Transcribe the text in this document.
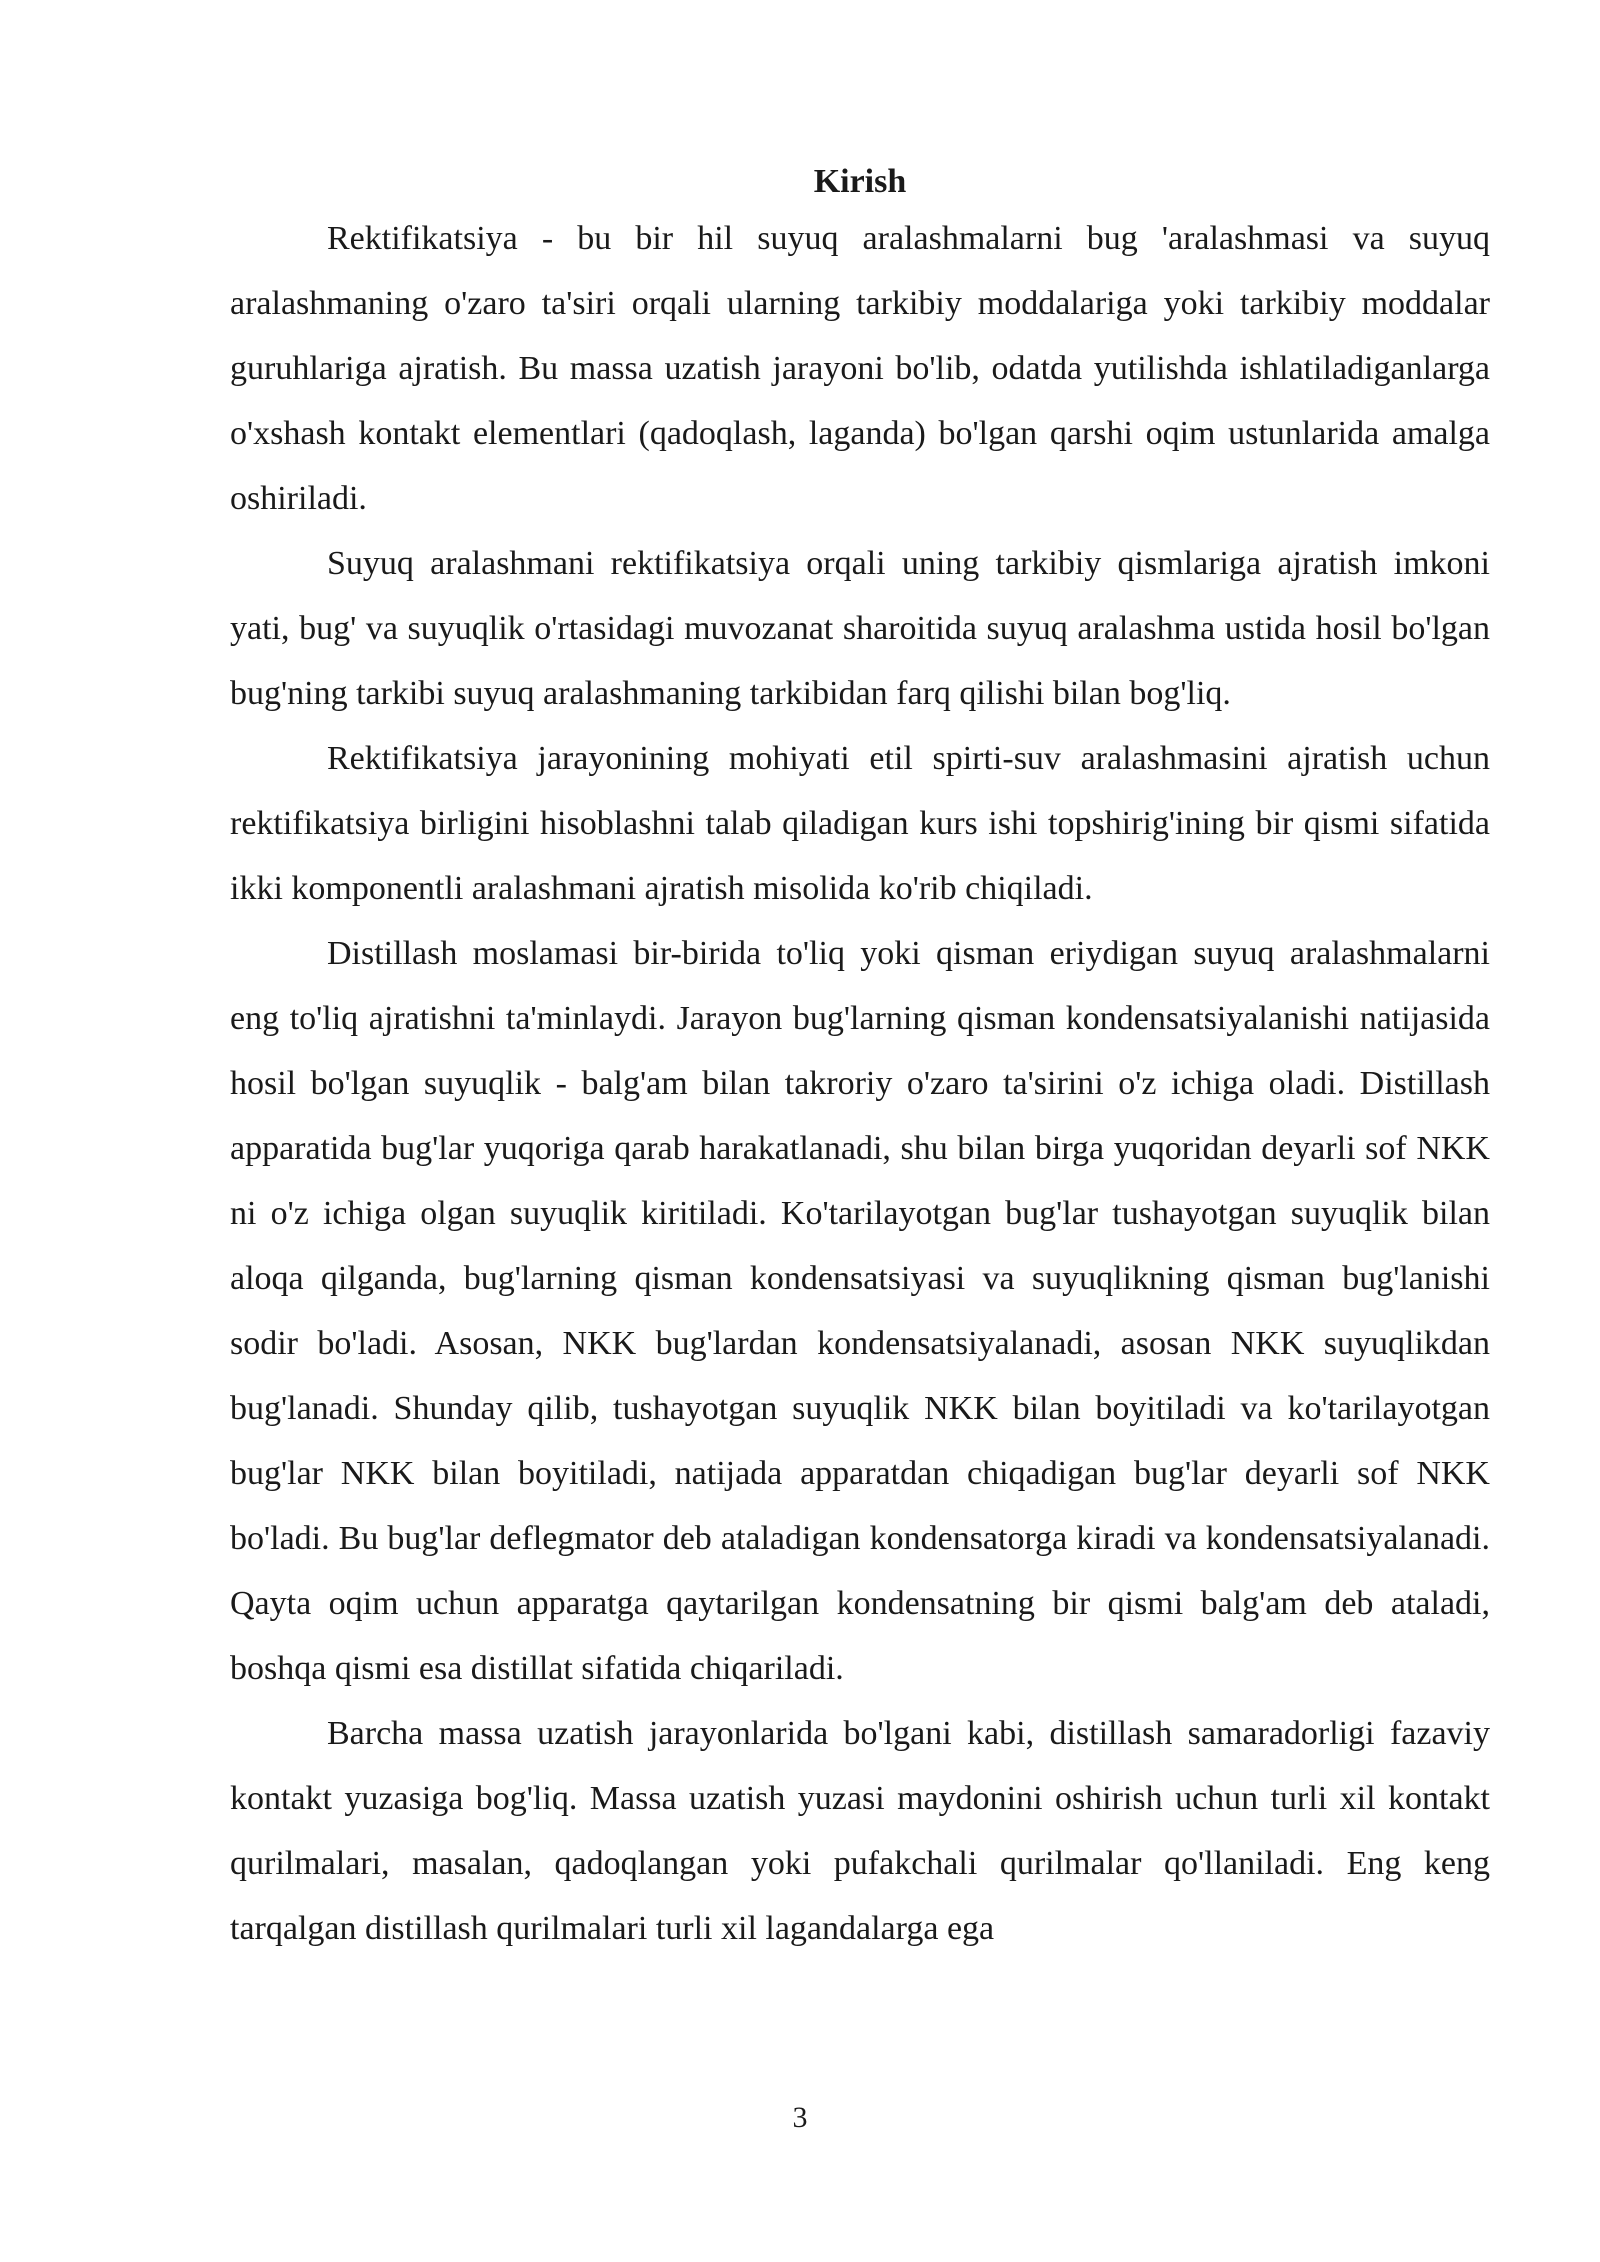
Kirish

Rektifikatsiya - bu bir hil suyuq aralashmalarni bug 'aralashmasi va suyuq aralashmaning o'zaro ta'siri orqali ularning tarkibiy moddalariga yoki tarkibiy moddalar guruhlariga ajratish. Bu massa uzatish jarayoni bo'lib, odatda yutilishda ishlatiladiganlarga o'xshash kontakt elementlari (qadoqlash, laganda) bo'lgan qarshi oqim ustunlarida amalga oshiriladi.

Suyuq aralashmani rektifikatsiya orqali uning tarkibiy qismlariga ajratish imkoni yati, bug' va suyuqlik o'rtasidagi muvozanat sharoitida suyuq aralashma ustida hosil bo'lgan bug'ning tarkibi suyuq aralashmaning tarkibidan farq qilishi bilan bog'liq.

Rektifikatsiya jarayonining mohiyati etil spirti-suv aralashmasini ajratish uchun rektifikatsiya birligini hisoblashni talab qiladigan kurs ishi topshirig'ining bir qismi sifatida ikki komponentli aralashmani ajratish misolida ko'rib chiqiladi.

Distillash moslamasi bir-birida to'liq yoki qisman eriydigan suyuq aralashmalarni eng to'liq ajratishni ta'minlaydi. Jarayon bug'larning qisman kondensatsiyalanishi natijasida hosil bo'lgan suyuqlik - balg'am bilan takroriy o'zaro ta'sirini o'z ichiga oladi. Distillash apparatida bug'lar yuqoriga qarab harakatlanadi, shu bilan birga yuqoridan deyarli sof NKK ni o'z ichiga olgan suyuqlik kiritiladi. Ko'tarilayotgan bug'lar tushayotgan suyuqlik bilan aloqa qilganda, bug'larning qisman kondensatsiyasi va suyuqlikning qisman bug'lanishi sodir bo'ladi. Asosan, NKK bug'lardan kondensatsiyalanadi, asosan NKK suyuqlikdan bug'lanadi. Shunday qilib, tushayotgan suyuqlik NKK bilan boyitiladi va ko'tarilayotgan bug'lar NKK bilan boyitiladi, natijada apparatdan chiqadigan bug'lar deyarli sof NKK bo'ladi. Bu bug'lar deflegmator deb ataladigan kondensatorga kiradi va kondensatsiyalanadi. Qayta oqim uchun apparatga qaytarilgan kondensatning bir qismi balg'am deb ataladi, boshqa qismi esa distillat sifatida chiqariladi.

Barcha massa uzatish jarayonlarida bo'lgani kabi, distillash samaradorligi fazaviy kontakt yuzasiga bog'liq. Massa uzatish yuzasi maydonini oshirish uchun turli xil kontakt qurilmalari, masalan, qadoqlangan yoki pufakchali qurilmalar qo'llaniladi. Eng keng tarqalgan distillash qurilmalari turli xil lagandalarga ega

3
